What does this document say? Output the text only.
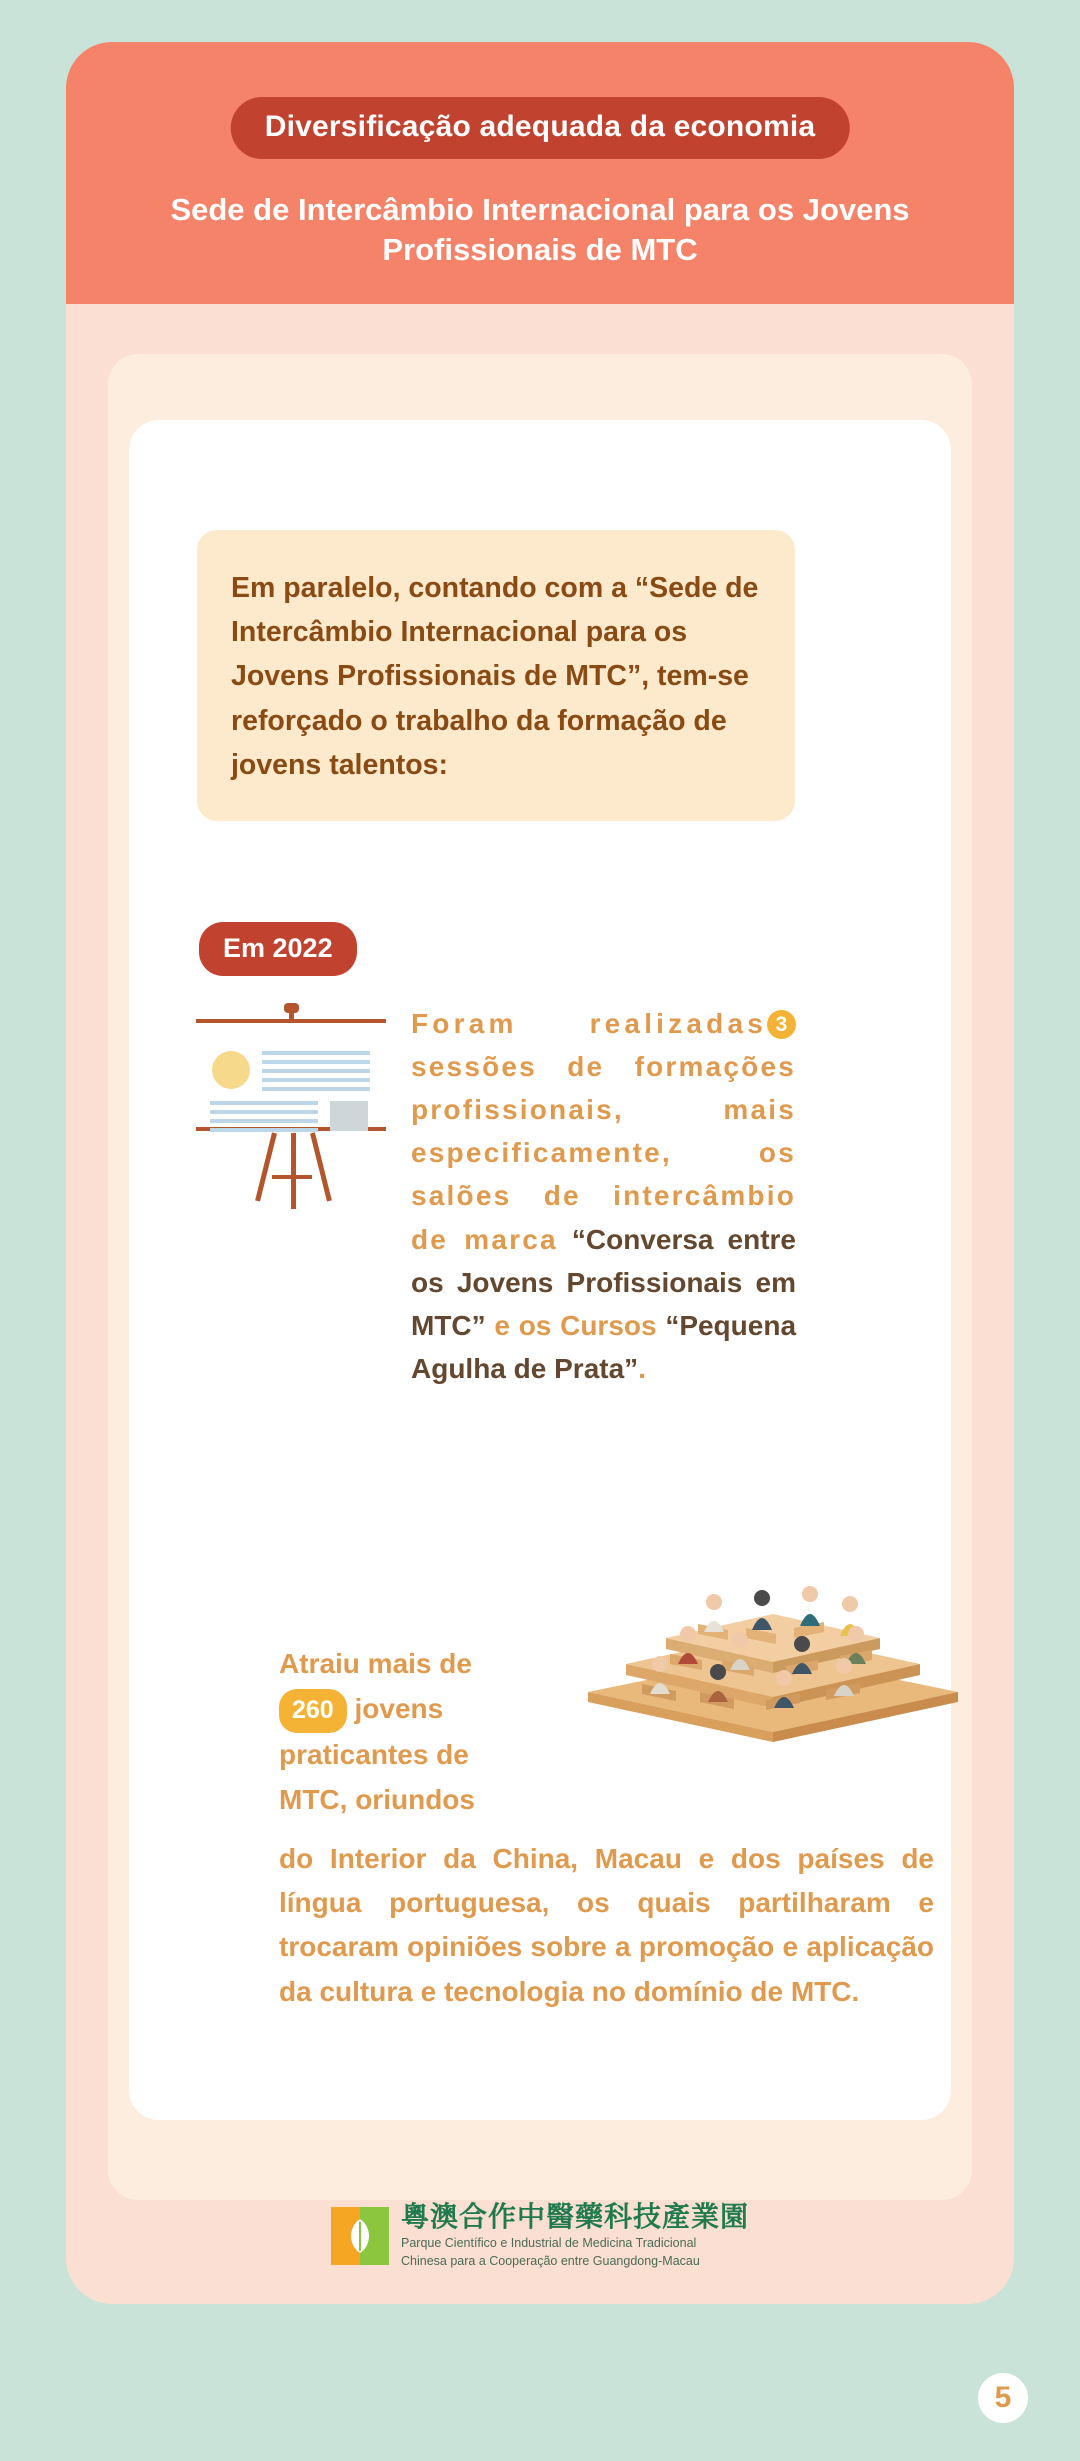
Diversificação adequada da economia
Sede de Intercâmbio Internacional para os Jovens Profissionais de MTC
Em paralelo, contando com a “Sede de Intercâmbio Internacional para os Jovens Profissionais de MTC”, tem-se reforçado o trabalho da formação de jovens talentos:
Em 2022
Foram realizadas 3 sessões de formações profissionais, mais especificamente, os salões de intercâmbio de marca “Conversa entre os Jovens Profissionais em MTC” e os Cursos “Pequena Agulha de Prata”.
Atraiu mais de
260 jovens praticantes de MTC, oriundos
do Interior da China, Macau e dos países de língua portuguesa, os quais partilharam e trocaram opiniões sobre a promoção e aplicação da cultura e tecnologia no domínio de MTC.
粵澳合作中醫藥科技產業園
Parque Científico e Industrial de Medicina Tradicional
Chinesa para a Cooperação entre Guangdong-Macau
5
